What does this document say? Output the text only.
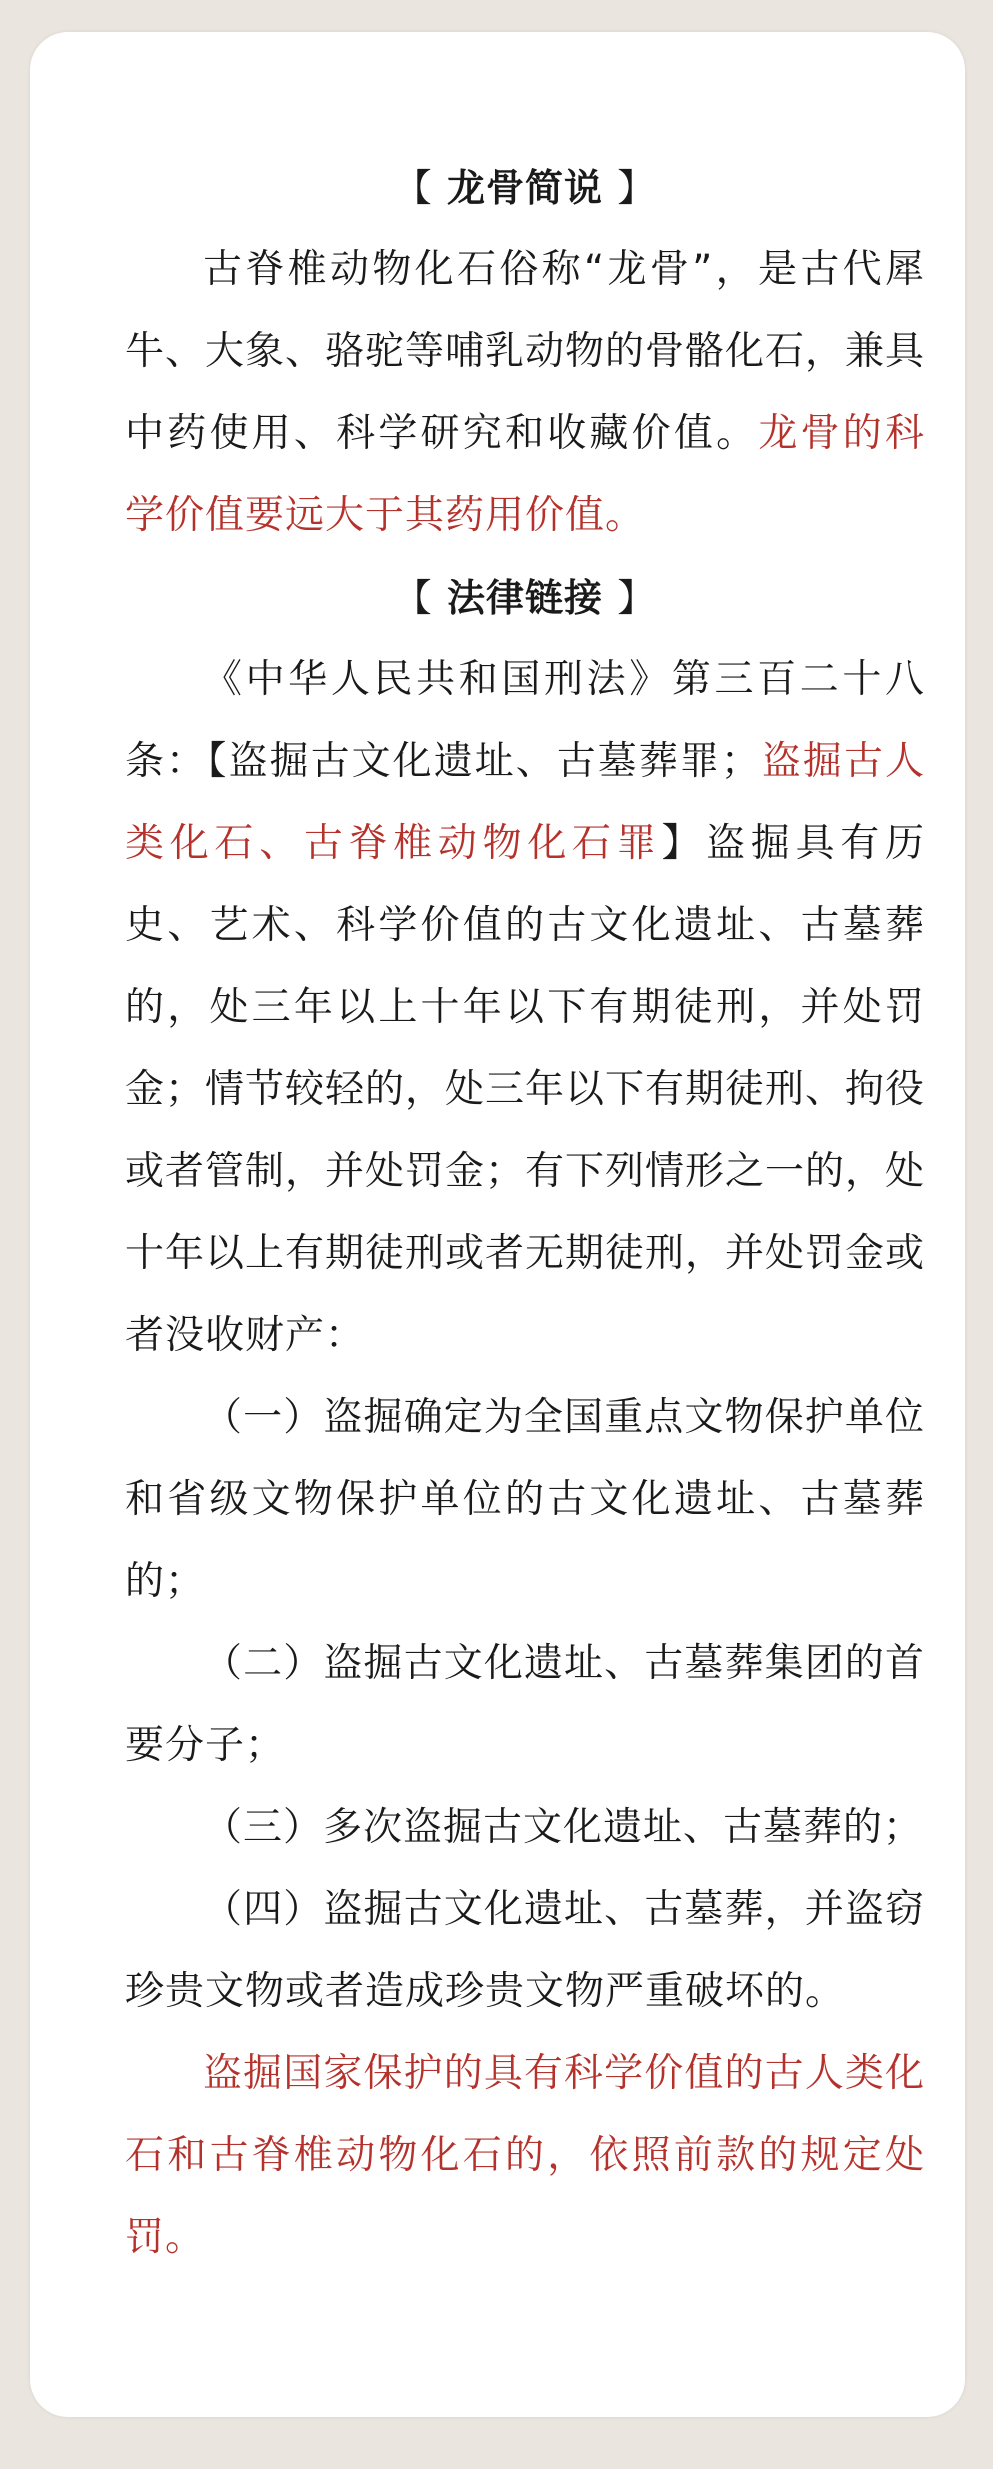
【 龙骨简说 】

古脊椎动物化石俗称“龙骨”，是古代犀牛、大象、骆驼等哺乳动物的骨骼化石，兼具中药使用、科学研究和收藏价值。龙骨的科学价值要远大于其药用价值。

【 法律链接 】

《中华人民共和国刑法》第三百二十八条：【盗掘古文化遗址、古墓葬罪；盗掘古人类化石、古脊椎动物化石罪】盗掘具有历史、艺术、科学价值的古文化遗址、古墓葬的，处三年以上十年以下有期徒刑，并处罚金；情节较轻的，处三年以下有期徒刑、拘役或者管制，并处罚金；有下列情形之一的，处十年以上有期徒刑或者无期徒刑，并处罚金或者没收财产：

（一）盗掘确定为全国重点文物保护单位和省级文物保护单位的古文化遗址、古墓葬的；

（二）盗掘古文化遗址、古墓葬集团的首要分子；

（三）多次盗掘古文化遗址、古墓葬的；

（四）盗掘古文化遗址、古墓葬，并盗窃珍贵文物或者造成珍贵文物严重破坏的。

盗掘国家保护的具有科学价值的古人类化石和古脊椎动物化石的，依照前款的规定处罚。
